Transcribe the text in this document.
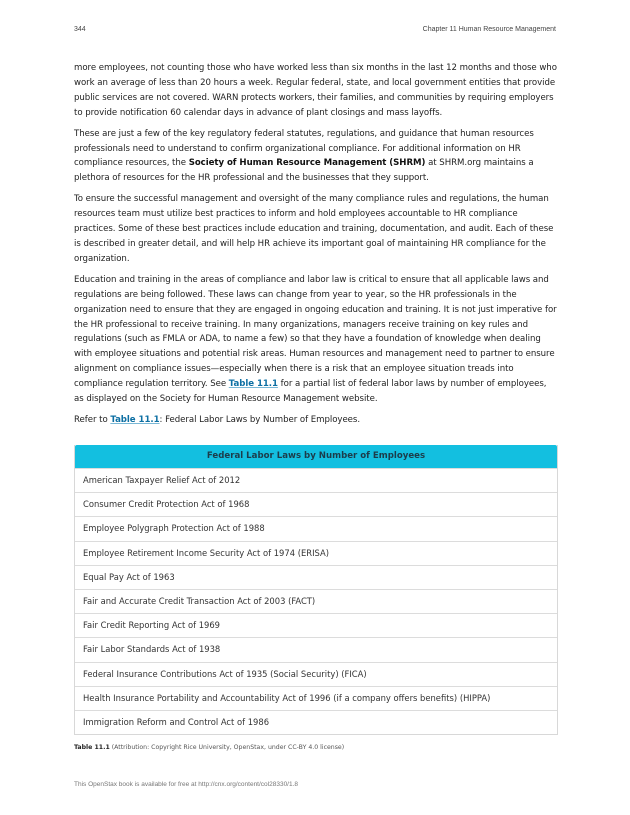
344	Chapter 11 Human Resource Management

more employees, not counting those who have worked less than six months in the last 12 months and those who work an average of less than 20 hours a week. Regular federal, state, and local government entities that provide public services are not covered. WARN protects workers, their families, and communities by requiring employers to provide notification 60 calendar days in advance of plant closings and mass layoffs.

These are just a few of the key regulatory federal statutes, regulations, and guidance that human resources professionals need to understand to confirm organizational compliance. For additional information on HR compliance resources, the Society of Human Resource Management (SHRM) at SHRM.org maintains a plethora of resources for the HR professional and the businesses that they support.

To ensure the successful management and oversight of the many compliance rules and regulations, the human resources team must utilize best practices to inform and hold employees accountable to HR compliance practices. Some of these best practices include education and training, documentation, and audit. Each of these is described in greater detail, and will help HR achieve its important goal of maintaining HR compliance for the organization.

Education and training in the areas of compliance and labor law is critical to ensure that all applicable laws and regulations are being followed. These laws can change from year to year, so the HR professionals in the organization need to ensure that they are engaged in ongoing education and training. It is not just imperative for the HR professional to receive training. In many organizations, managers receive training on key rules and regulations (such as FMLA or ADA, to name a few) so that they have a foundation of knowledge when dealing with employee situations and potential risk areas. Human resources and management need to partner to ensure alignment on compliance issues—especially when there is a risk that an employee situation treads into compliance regulation territory. See Table 11.1 for a partial list of federal labor laws by number of employees, as displayed on the Society for Human Resource Management website.

Refer to Table 11.1: Federal Labor Laws by Number of Employees.

Federal Labor Laws by Number of Employees
American Taxpayer Relief Act of 2012
Consumer Credit Protection Act of 1968
Employee Polygraph Protection Act of 1988
Employee Retirement Income Security Act of 1974 (ERISA)
Equal Pay Act of 1963
Fair and Accurate Credit Transaction Act of 2003 (FACT)
Fair Credit Reporting Act of 1969
Fair Labor Standards Act of 1938
Federal Insurance Contributions Act of 1935 (Social Security) (FICA)
Health Insurance Portability and Accountability Act of 1996 (if a company offers benefits) (HIPPA)
Immigration Reform and Control Act of 1986
Table 11.1 (Attribution: Copyright Rice University, OpenStax, under CC-BY 4.0 license)
This OpenStax book is available for free at http://cnx.org/content/col28330/1.8
